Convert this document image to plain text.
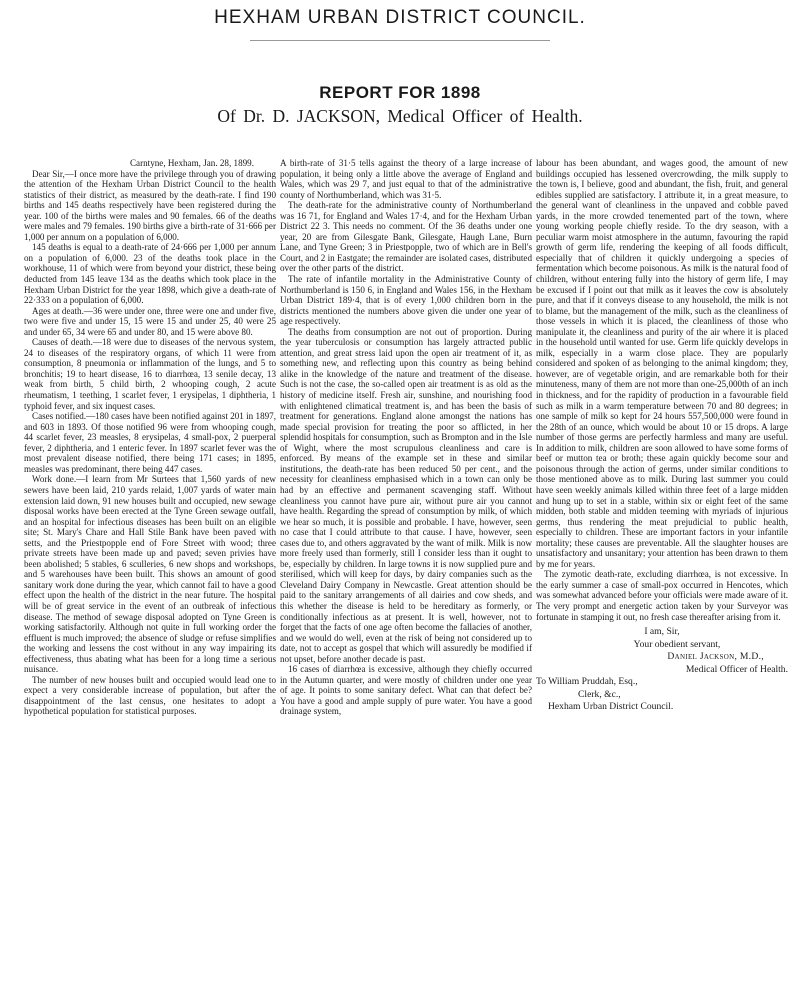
HEXHAM URBAN DISTRICT COUNCIL.
REPORT FOR 1898
Of Dr. D. JACKSON, Medical Officer of Health.

Carntyne, Hexham, Jan. 28, 1899.

Dear Sir,—I once more have the privilege through you of drawing the attention of the Hexham Urban District Council to the health statistics of their district, as measured by the death-rate. I find 190 births and 145 deaths respectively have been registered during the year. 100 of the births were males and 90 females. 66 of the deaths were males and 79 females. 190 births give a birth-rate of 31·666 per 1,000 per annum on a population of 6,000.

145 deaths is equal to a death-rate of 24·666 per 1,000 per annum on a population of 6,000. 23 of the deaths took place in the workhouse, 11 of which were from beyond your district, these being deducted from 145 leave 134 as the deaths which took place in the Hexham Urban District for the year 1898, which give a death-rate of 22·333 on a population of 6,000.

Ages at death.—36 were under one, three were one and under five, two were five and under 15, 15 were 15 and under 25, 40 were 25 and under 65, 34 were 65 and under 80, and 15 were above 80.

Causes of death.—18 were due to diseases of the nervous system, 24 to diseases of the respiratory organs, of which 11 were from consumption, 8 pneumonia or inflammation of the lungs, and 5 to bronchitis; 19 to heart disease, 16 to diarrhœa, 13 senile decay, 13 weak from birth, 5 child birth, 2 whooping cough, 2 acute rheumatism, 1 teething, 1 scarlet fever, 1 erysipelas, 1 diphtheria, 1 typhoid fever, and six inquest cases.

Cases notified.—180 cases have been notified against 201 in 1897, and 603 in 1893. Of those notified 96 were from whooping cough, 44 scarlet fever, 23 measles, 8 erysipelas, 4 small-pox, 2 puerperal fever, 2 diphtheria, and 1 enteric fever. In 1897 scarlet fever was the most prevalent disease notified, there being 171 cases; in 1895, measles was predominant, there being 447 cases.

Work done.—I learn from Mr Surtees that 1,560 yards of new sewers have been laid, 210 yards relaid, 1,007 yards of water main extension laid down, 91 new houses built and occupied, new sewage disposal works have been erected at the Tyne Green sewage outfall, and an hospital for infectious diseases has been built on an eligible site; St. Mary's Chare and Hall Stile Bank have been paved with setts, and the Priestpopple end of Fore Street with wood; three private streets have been made up and paved; seven privies have been abolished; 5 stables, 6 sculleries, 6 new shops and workshops, and 5 warehouses have been built. This shows an amount of good sanitary work done during the year, which cannot fail to have a good effect upon the health of the district in the near future. The hospital will be of great service in the event of an outbreak of infectious disease. The method of sewage disposal adopted on Tyne Green is working satisfactorily. Although not quite in full working order the effluent is much improved; the absence of sludge or refuse simplifies the working and lessens the cost without in any way impairing its effectiveness, thus abating what has been for a long time a serious nuisance.

The number of new houses built and occupied would lead one to expect a very considerable increase of population, but after the disappointment of the last census, one hesitates to adopt a hypothetical population for statistical purposes.

A birth-rate of 31·5 tells against the theory of a large increase of population, it being only a little above the average of England and Wales, which was 29 7, and just equal to that of the administrative county of Northumberland, which was 31·5.

The death-rate for the administrative county of Northumberland was 16 71, for England and Wales 17·4, and for the Hexham Urban District 22 3. This needs no comment. Of the 36 deaths under one year, 20 are from Gilesgate Bank, Gilesgate, Haugh Lane, Burn Lane, and Tyne Green; 3 in Priestpopple, two of which are in Bell's Court, and 2 in Eastgate; the remainder are isolated cases, distributed over the other parts of the district.

The rate of infantile mortality in the Administrative County of Northumberland is 150 6, in England and Wales 156, in the Hexham Urban District 189·4, that is of every 1,000 children born in the districts mentioned the numbers above given die under one year of age respectively.

The deaths from consumption are not out of proportion. During the year tuberculosis or consumption has largely attracted public attention, and great stress laid upon the open air treatment of it, as something new, and reflecting upon this country as being behind alike in the knowledge of the nature and treatment of the disease. Such is not the case, the so-called open air treatment is as old as the history of medicine itself. Fresh air, sunshine, and nourishing food with enlightened climatical treatment is, and has been the basis of treatment for generations. England alone amongst the nations has made special provision for treating the poor so afflicted, in her splendid hospitals for consumption, such as Brompton and in the Isle of Wight, where the most scrupulous cleanliness and care is enforced. By means of the example set in these and similar institutions, the death-rate has been reduced 50 per cent., and the necessity for cleanliness emphasised which in a town can only be had by an effective and permanent scavenging staff. Without cleanliness you cannot have pure air, without pure air you cannot have health. Regarding the spread of consumption by milk, of which we hear so much, it is possible and probable. I have, however, seen no case that I could attribute to that cause. I have, however, seen cases due to, and others aggravated by the want of milk. Milk is now more freely used than formerly, still I consider less than it ought to be, especially by children. In large towns it is now supplied pure and sterilised, which will keep for days, by dairy companies such as the Cleveland Dairy Company in Newcastle. Great attention should be paid to the sanitary arrangements of all dairies and cow sheds, and this whether the disease is held to be hereditary as formerly, or conditionally infectious as at present. It is well, however, not to forget that the facts of one age often become the fallacies of another, and we would do well, even at the risk of being not considered up to date, not to accept as gospel that which will assuredly be modified if not upset, before another decade is past.

16 cases of diarrhœa is excessive, although they chiefly occurred in the Autumn quarter, and were mostly of children under one year of age. It points to some sanitary defect. What can that defect be? You have a good and ample supply of pure water. You have a good drainage system,

labour has been abundant, and wages good, the amount of new buildings occupied has lessened overcrowding, the milk supply to the town is, I believe, good and abundant, the fish, fruit, and general edibles supplied are satisfactory. I attribute it, in a great measure, to the general want of cleanliness in the unpaved and cobble paved yards, in the more crowded tenemented part of the town, where young working people chiefly reside. To the dry season, with a peculiar warm moist atmosphere in the autumn, favouring the rapid growth of germ life, rendering the keeping of all foods difficult, especially that of children it quickly undergoing a species of fermentation which become poisonous. As milk is the natural food of children, without entering fully into the history of germ life, I may be excused if I point out that milk as it leaves the cow is absolutely pure, and that if it conveys disease to any household, the milk is not to blame, but the management of the milk, such as the cleanliness of those vessels in which it is placed, the cleanliness of those who manipulate it, the cleanliness and purity of the air where it is placed in the household until wanted for use. Germ life quickly develops in milk, especially in a warm close place. They are popularly considered and spoken of as belonging to the animal kingdom; they, however, are of vegetable origin, and are remarkable both for their minuteness, many of them are not more than one-25,000th of an inch in thickness, and for the rapidity of production in a favourable field such as milk in a warm temperature between 70 and 80 degrees; in one sample of milk so kept for 24 hours 557,500,000 were found in the 28th of an ounce, which would be about 10 or 15 drops. A large number of those germs are perfectly harmless and many are useful. In addition to milk, children are soon allowed to have some forms of beef or mutton tea or broth; these again quickly become sour and poisonous through the action of germs, under similar conditions to those mentioned above as to milk. During last summer you could have seen weekly animals killed within three feet of a large midden and hung up to set in a stable, within six or eight feet of the same midden, both stable and midden teeming with myriads of injurious germs, thus rendering the meat prejudicial to public health, especially to children. These are important factors in your infantile mortality; these causes are preventable. All the slaughter houses are unsatisfactory and unsanitary; your attention has been drawn to them by me for years.

The zymotic death-rate, excluding diarrhœa, is not excessive. In the early summer a case of small-pox occurred in Hencotes, which was somewhat advanced before your officials were made aware of it. The very prompt and energetic action taken by your Surveyor was fortunate in stamping it out, no fresh case thereafter arising from it.

I am, Sir,
Your obedient servant,
Daniel Jackson, M.D.,
Medical Officer of Health.
To William Pruddah, Esq.,
Clerk, &c.,
Hexham Urban District Council.
